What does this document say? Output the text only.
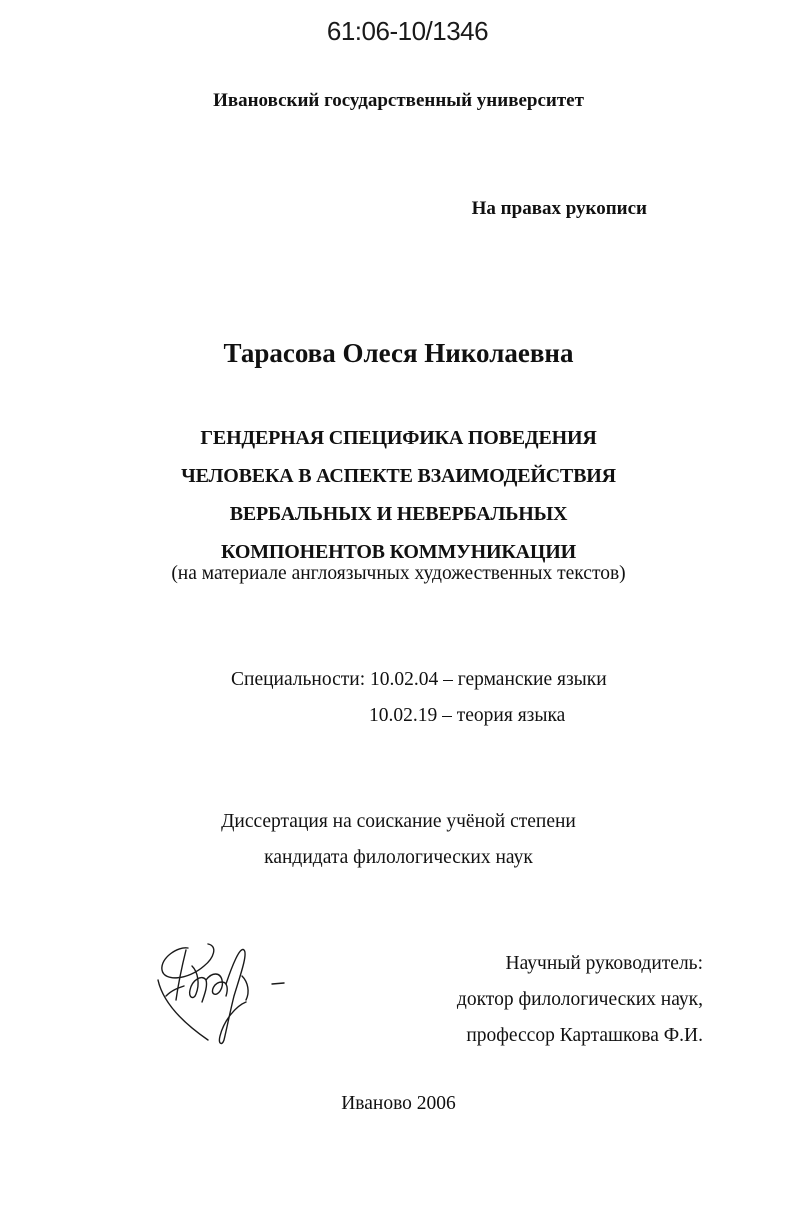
61:06-10/1346
Ивановский государственный университет
На правах рукописи
Тарасова Олеся Николаевна
ГЕНДЕРНАЯ СПЕЦИФИКА ПОВЕДЕНИЯ
ЧЕЛОВЕКА В АСПЕКТЕ ВЗАИМОДЕЙСТВИЯ
ВЕРБАЛЬНЫХ И НЕВЕРБАЛЬНЫХ
КОМПОНЕНТОВ КОММУНИКАЦИИ
(на материале англоязычных художественных текстов)
Специальности: 10.02.04 – германские языки
10.02.19 – теория языка
Диссертация на соискание учёной степени
кандидата филологических наук
Научный руководитель:
доктор филологических наук,
профессор Карташкова Ф.И.
Иваново 2006
